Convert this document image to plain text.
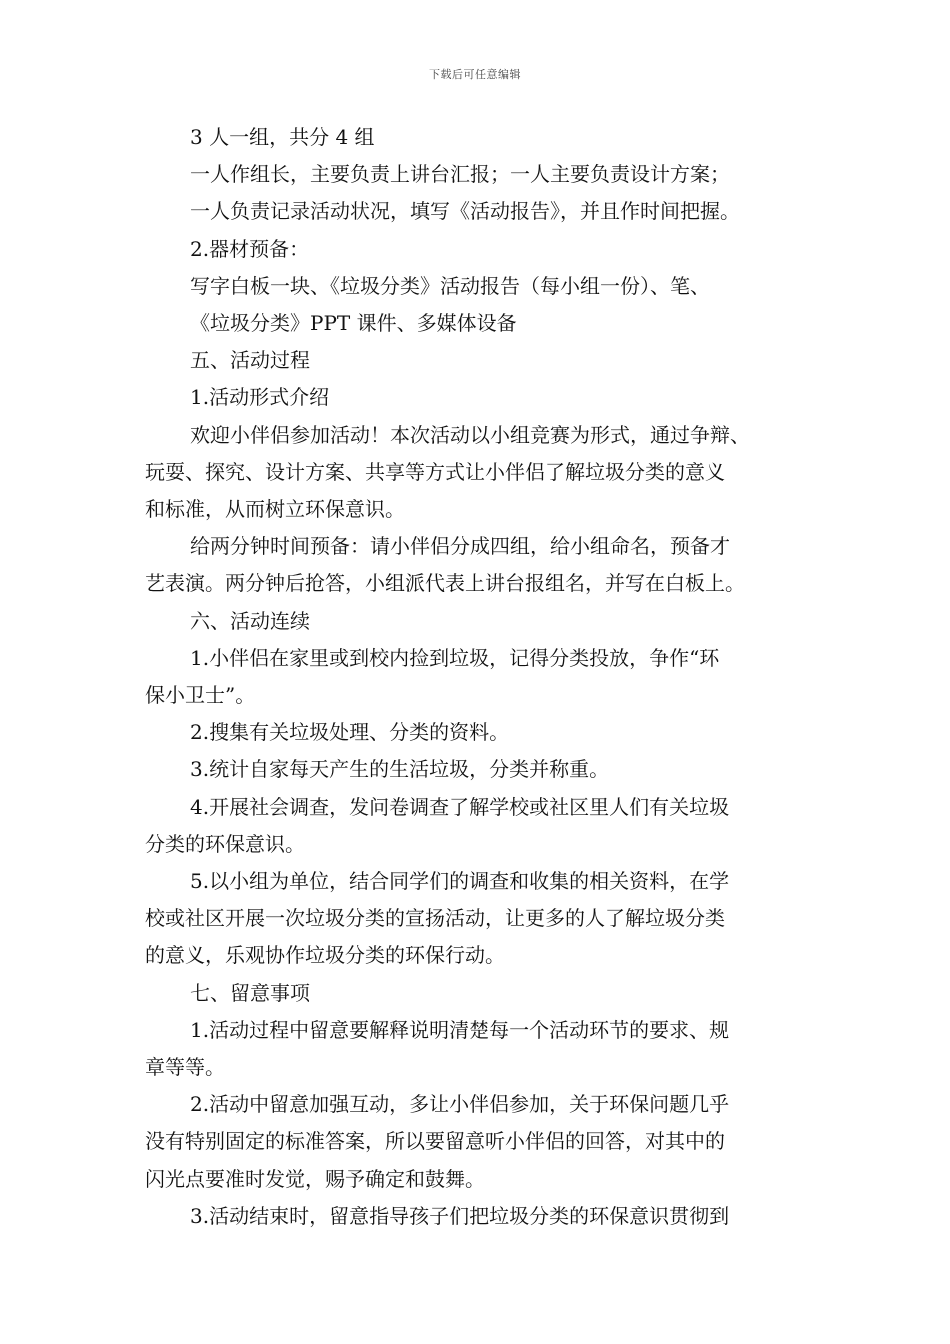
下载后可任意编辑
3 人一组，共分 4 组
一人作组长，主要负责上讲台汇报；一人主要负责设计方案；
一人负责记录活动状况，填写《活动报告》，并且作时间把握。
2.器材预备：
写字白板一块、《垃圾分类》活动报告（每小组一份）、笔、
《垃圾分类》PPT 课件、多媒体设备
五、活动过程
1.活动形式介绍
欢迎小伴侣参加活动！本次活动以小组竞赛为形式，通过争辩、
玩耍、探究、设计方案、共享等方式让小伴侣了解垃圾分类的意义
和标准，从而树立环保意识。
给两分钟时间预备：请小伴侣分成四组，给小组命名，预备才
艺表演。两分钟后抢答，小组派代表上讲台报组名，并写在白板上。
六、活动连续
1.小伴侣在家里或到校内捡到垃圾，记得分类投放，争作“环
保小卫士”。
2.搜集有关垃圾处理、分类的资料。
3.统计自家每天产生的生活垃圾，分类并称重。
4.开展社会调查，发问卷调查了解学校或社区里人们有关垃圾
分类的环保意识。
5.以小组为单位，结合同学们的调查和收集的相关资料，在学
校或社区开展一次垃圾分类的宣扬活动，让更多的人了解垃圾分类
的意义，乐观协作垃圾分类的环保行动。
七、留意事项
1.活动过程中留意要解释说明清楚每一个活动环节的要求、规
章等等。
2.活动中留意加强互动，多让小伴侣参加，关于环保问题几乎
没有特别固定的标准答案，所以要留意听小伴侣的回答，对其中的
闪光点要准时发觉，赐予确定和鼓舞。
3.活动结束时，留意指导孩子们把垃圾分类的环保意识贯彻到
